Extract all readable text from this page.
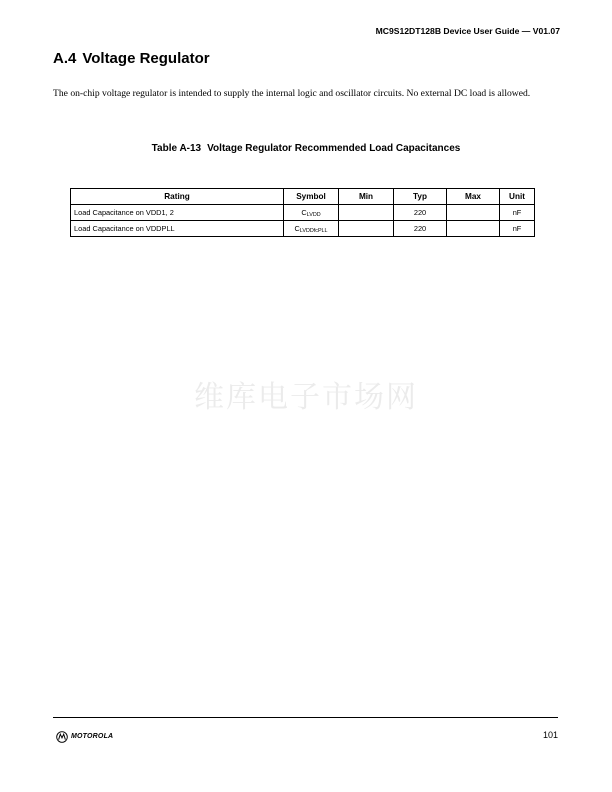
MC9S12DT128B Device User Guide — V01.07
A.4 Voltage Regulator

The on-chip voltage regulator is intended to supply the internal logic and oscillator circuits. No external DC load is allowed.

Table A-13 Voltage Regulator Recommended Load Capacitances
Rating	Symbol	Min	Typ	Max	Unit
Load Capacitance on VDD1, 2	$C_{LVDD}$		220		nF
Load Capacitance on VDDPLL	$C_{LVDDfcPLL}$		220		nF
维库电子市场网
MOTOROLA	101
